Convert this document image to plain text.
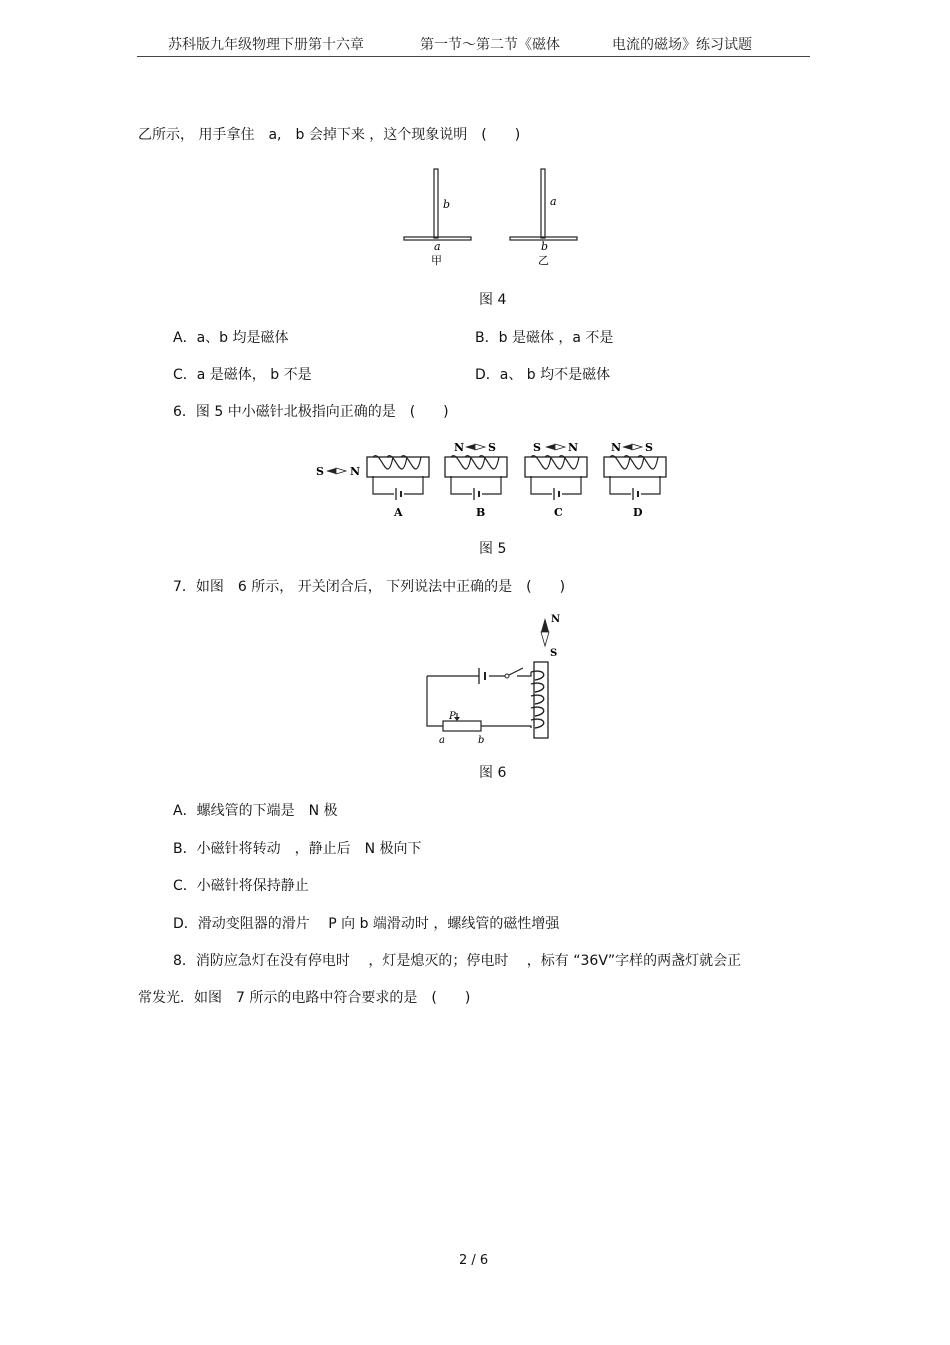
苏科版九年级物理下册第十六章	第一节～第二节《磁体	电流的磁场》练习试题
乙所示， 用手拿住　a,　b 会掉下来 ，这个现象说明　(　　)
b
a
甲
a
b
乙
图 4
A．a、b 均是磁体	B．b 是磁体 ，a 不是
C．a 是磁体， b 不是	D．a、 b 均不是磁体
6．图 5 中小磁针北极指向正确的是　(　　)
S N
A
N S
B
S N
C
N S
D
图 5
7．如图　6 所示， 开关闭合后， 下列说法中正确的是　(　　)
N
S
P
a	b
图 6
A．螺线管的下端是　N 极
B．小磁针将转动　，静止后　N 极向下
C．小磁针将保持静止
D．滑动变阻器的滑片　 P 向 b 端滑动时 ，螺线管的磁性增强
8．消防应急灯在没有停电时　 ，灯是熄灭的；停电时　 ，标有 “36V”字样的两盏灯就会正
常发光．如图　7 所示的电路中符合要求的是　(　　)
2 / 6
